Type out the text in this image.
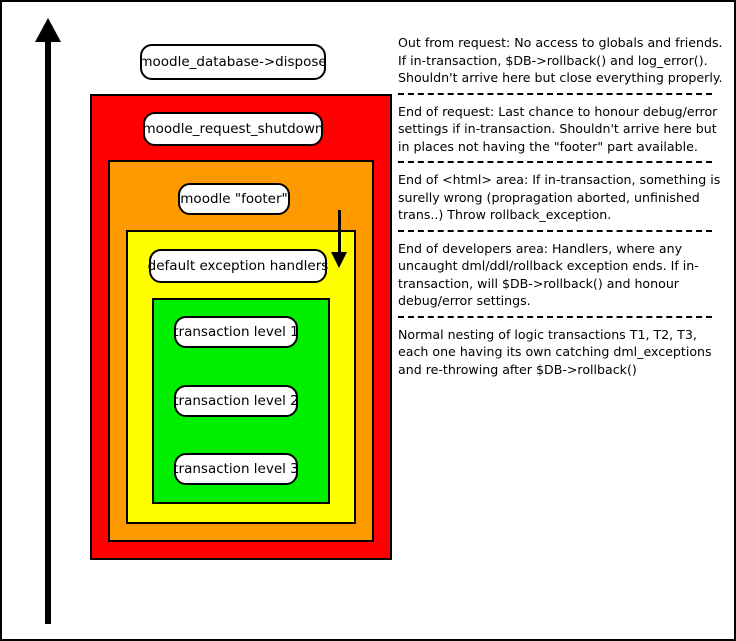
moodle_database->dispose
moodle_request_shutdown
moodle "footer"
default exception handlers
transaction level 1
transaction level 2
transaction level 3

Out from request: No access to globals and friends. If in-transaction, $DB->rollback() and log_error(). Shouldn't arrive here but close everything properly.

End of request: Last chance to honour debug/error settings if in-transaction. Shouldn't arrive here but in places not having the "footer" part available.

End of <html> area: If in-transaction, something is surelly wrong (propragation aborted, unfinished trans..) Throw rollback_exception.

End of developers area: Handlers, where any uncaught dml/ddl/rollback exception ends. If in-transaction, will $DB->rollback() and honour debug/error settings.

Normal nesting of logic transactions T1, T2, T3, each one having its own catching dml_exceptions and re-throwing after $DB->rollback()
